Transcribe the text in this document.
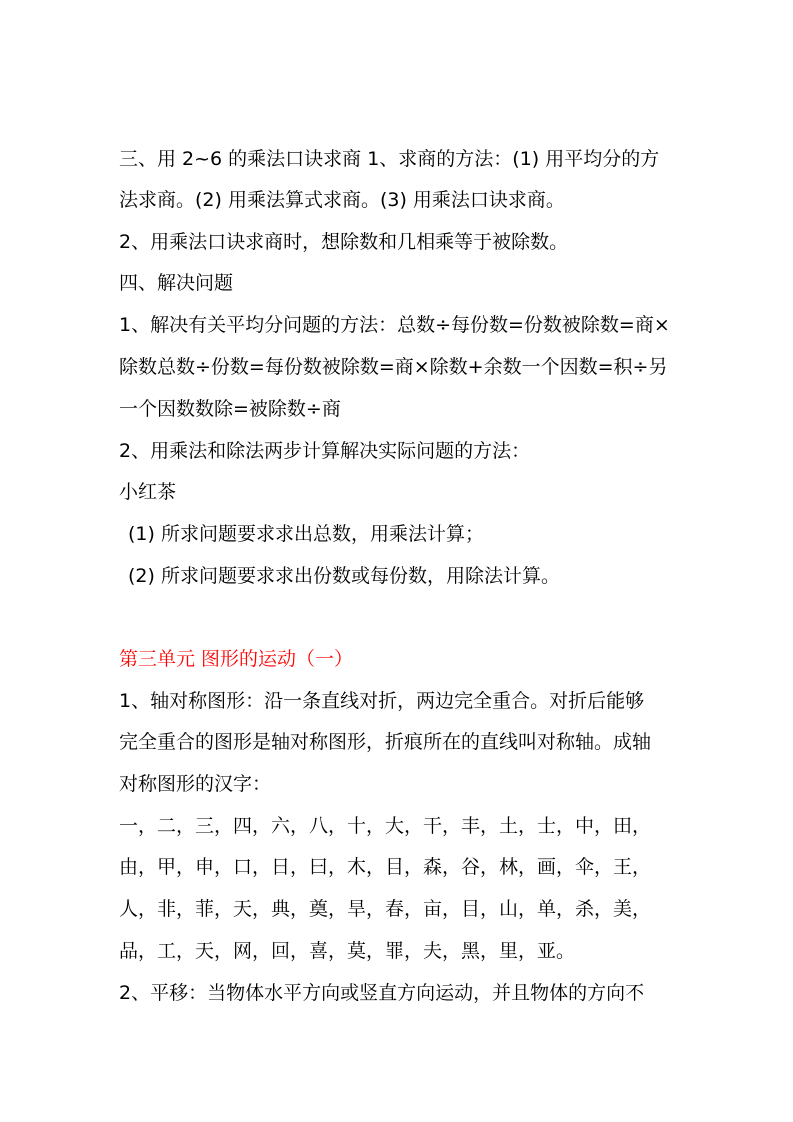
三、用 2~6 的乘法口诀求商 1、求商的方法：(1) 用平均分的方
法求商。(2) 用乘法算式求商。(3) 用乘法口诀求商。
2、用乘法口诀求商时，想除数和几相乘等于被除数。
四、解决问题
1、解决有关平均分问题的方法：总数÷每份数=份数被除数=商×
除数总数÷份数=每份数被除数=商×除数+余数一个因数=积÷另
一个因数数除=被除数÷商
2、用乘法和除法两步计算解决实际问题的方法：
小红茶
(1) 所求问题要求求出总数，用乘法计算；
(2) 所求问题要求求出份数或每份数，用除法计算。
第三单元 图形的运动（一）
1、轴对称图形：沿一条直线对折，两边完全重合。对折后能够
完全重合的图形是轴对称图形，折痕所在的直线叫对称轴。成轴
对称图形的汉字：
一，二，三，四，六，八，十，大，干，丰，土，士，中，田，
由，甲，申，口，日，曰，木，目，森，谷，林，画，伞，王，
人，非，菲，天，典，奠，旱，春，亩，目，山，单，杀，美，
品，工，天，网，回，喜，莫，罪，夫，黑，里，亚。
2、平移：当物体水平方向或竖直方向运动，并且物体的方向不
